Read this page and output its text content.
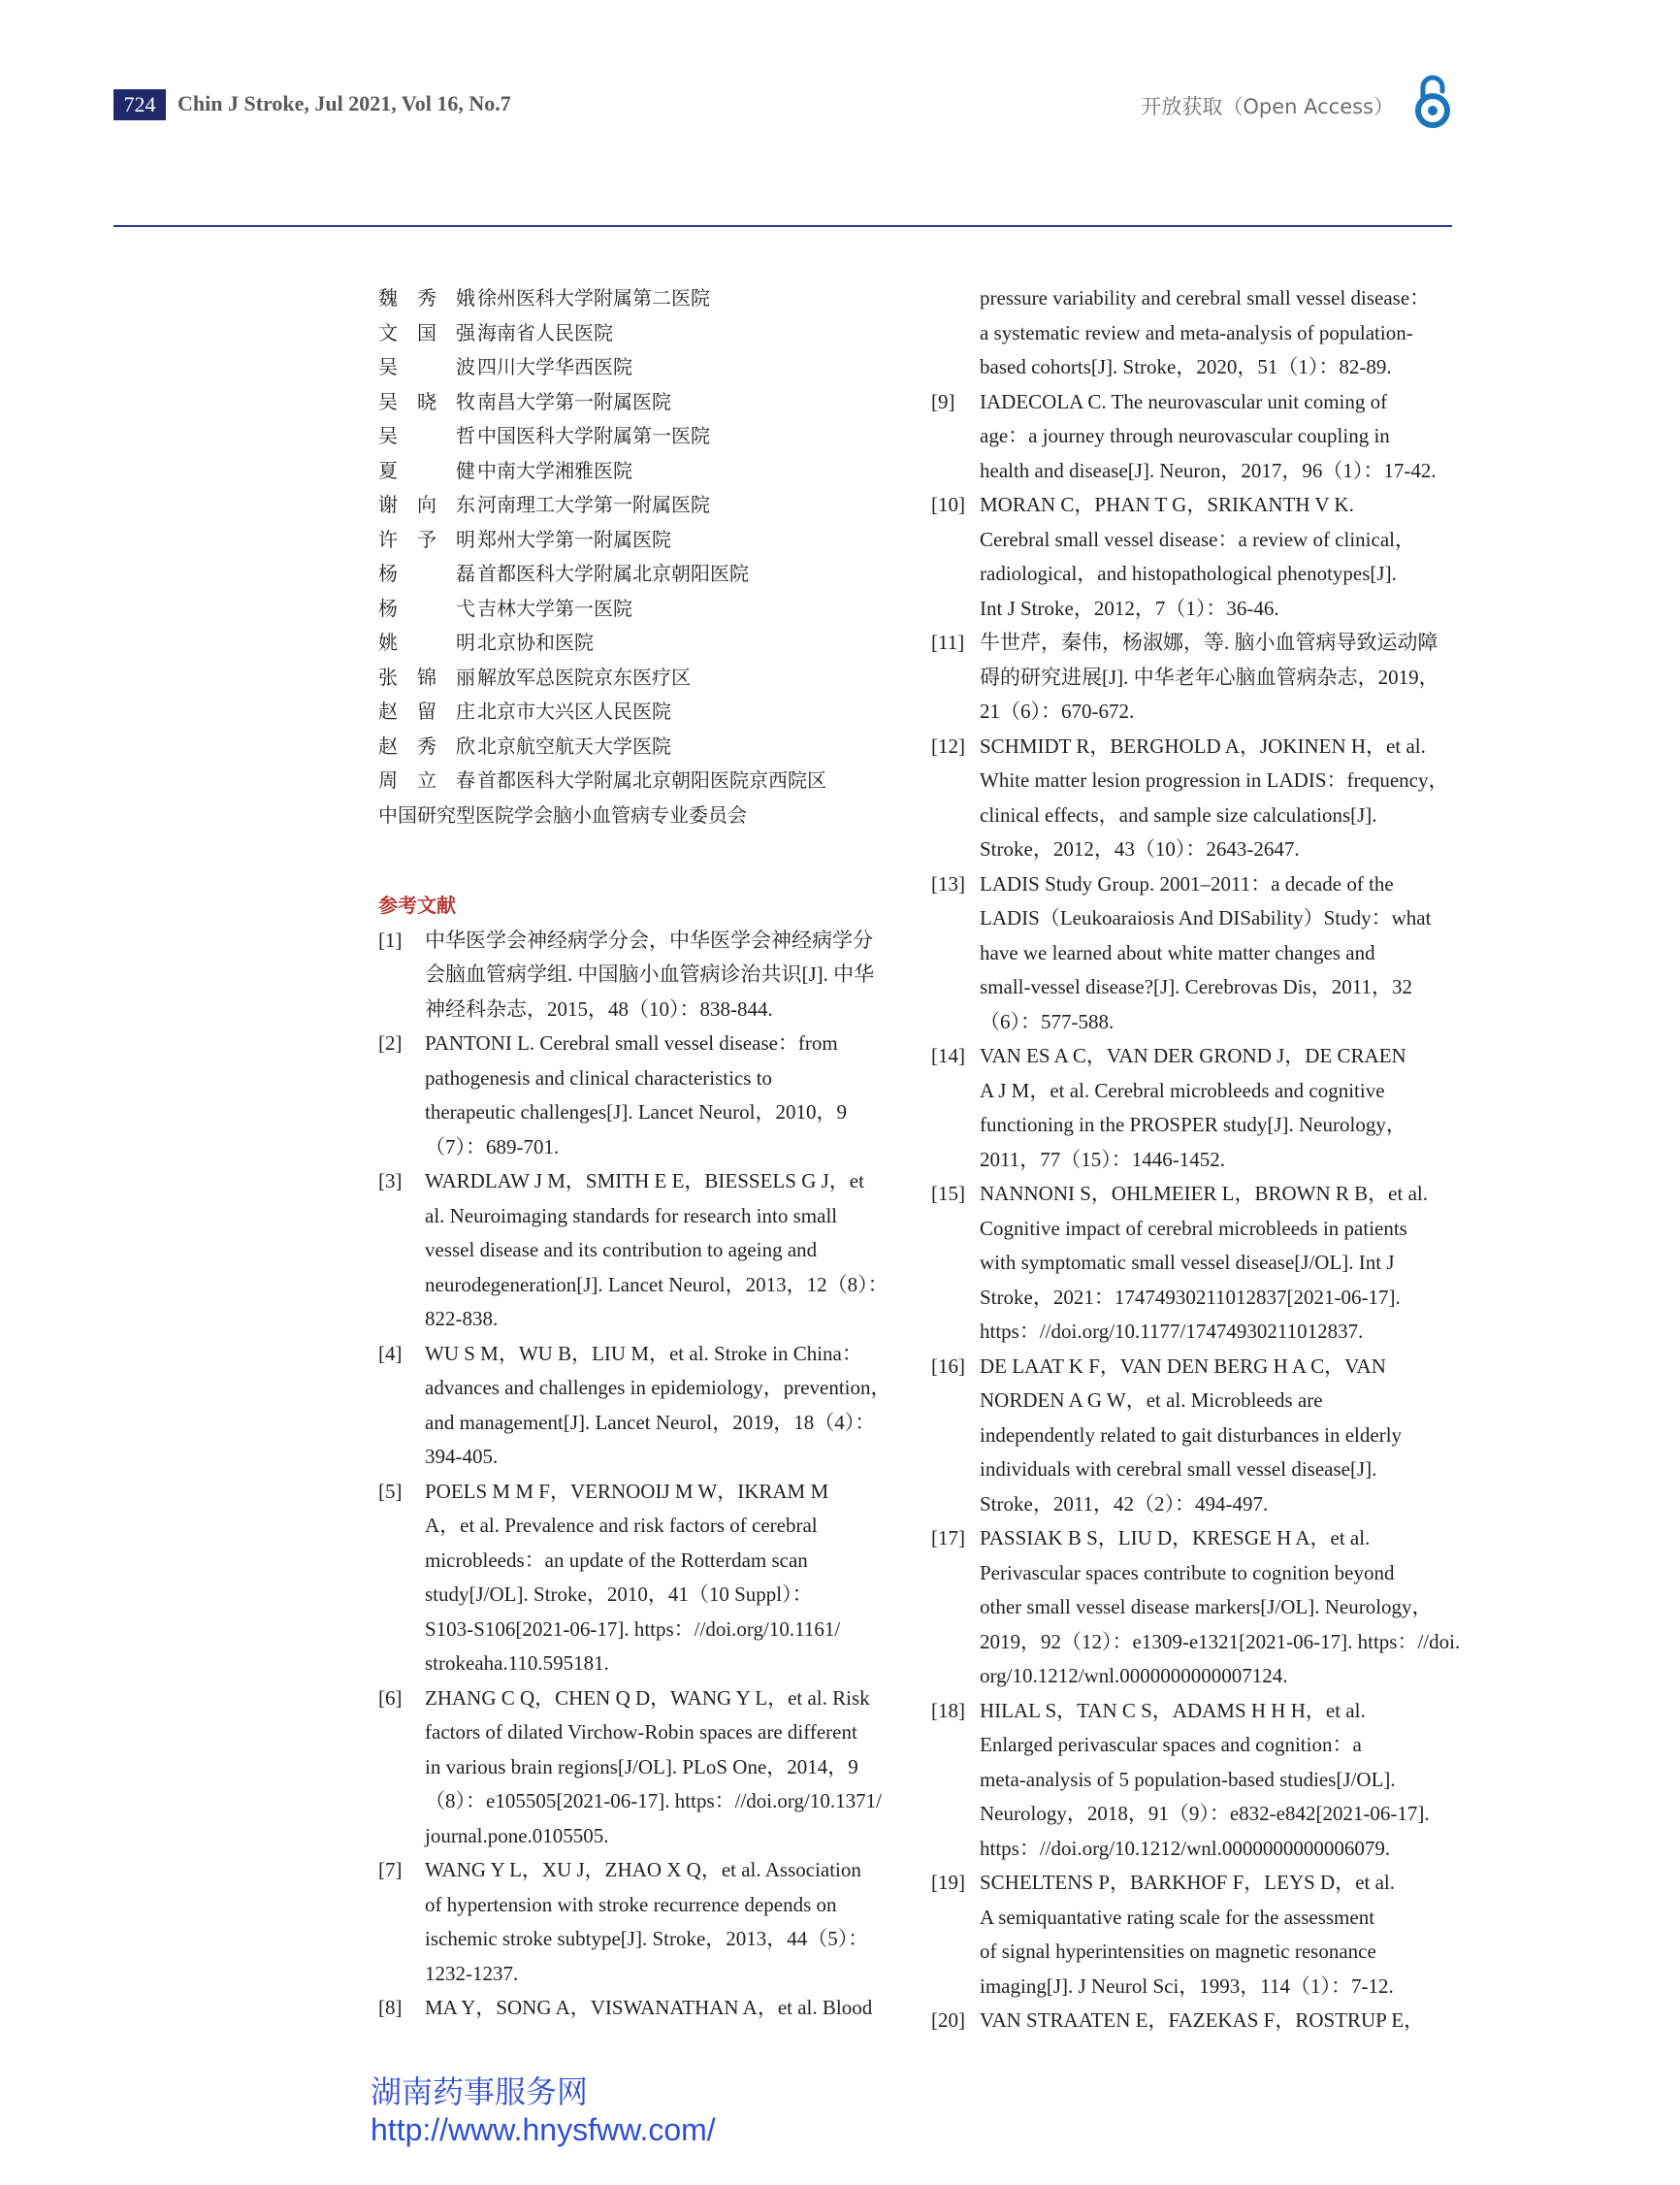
724	Chin J Stroke, Jul 2021, Vol 16, No.7	开放获取（Open Access）
魏秀娥 徐州医科大学附属第二医院
文国强 海南省人民医院
吴　波 四川大学华西医院
吴晓牧 南昌大学第一附属医院
吴　哲 中国医科大学附属第一医院
夏　健 中南大学湘雅医院
谢向东 河南理工大学第一附属医院
许予明 郑州大学第一附属医院
杨　磊 首都医科大学附属北京朝阳医院
杨　弋 吉林大学第一医院
姚　明 北京协和医院
张锦丽 解放军总医院京东医疗区
赵留庄 北京市大兴区人民医院
赵秀欣 北京航空航天大学医院
周立春 首都医科大学附属北京朝阳医院京西院区
中国研究型医院学会脑小血管病专业委员会
参考文献
[1]	中华医学会神经病学分会，中华医学会神经病学分
会脑血管病学组. 中国脑小血管病诊治共识[J]. 中华
神经科杂志，2015，48（10）：838-844.
[2]	PANTONI L. Cerebral small vessel disease：from
pathogenesis and clinical characteristics to
therapeutic challenges[J]. Lancet Neurol，2010，9
（7）：689-701.
[3]	WARDLAW J M，SMITH E E，BIESSELS G J，et
al. Neuroimaging standards for research into small
vessel disease and its contribution to ageing and
neurodegeneration[J]. Lancet Neurol，2013，12（8）：
822-838.
[4]	WU S M，WU B，LIU M，et al. Stroke in China：
advances and challenges in epidemiology，prevention，
and management[J]. Lancet Neurol，2019，18（4）：
394-405.
[5]	POELS M M F，VERNOOIJ M W，IKRAM M
A，et al. Prevalence and risk factors of cerebral
microbleeds：an update of the Rotterdam scan
study[J/OL]. Stroke，2010，41（10 Suppl）：
S103-S106[2021-06-17]. https：//doi.org/10.1161/
strokeaha.110.595181.
[6]	ZHANG C Q，CHEN Q D，WANG Y L，et al. Risk
factors of dilated Virchow-Robin spaces are different
in various brain regions[J/OL]. PLoS One，2014，9
（8）：e105505[2021-06-17]. https：//doi.org/10.1371/
journal.pone.0105505.
[7]	WANG Y L，XU J，ZHAO X Q，et al. Association
of hypertension with stroke recurrence depends on
ischemic stroke subtype[J]. Stroke，2013，44（5）：
1232-1237.
[8]	MA Y，SONG A，VISWANATHAN A，et al. Blood
pressure variability and cerebral small vessel disease：a systematic review and meta-analysis of population-based cohorts[J]. Stroke，2020，51（1）：82-89.
[9]	IADECOLA C. The neurovascular unit coming of
age：a journey through neurovascular coupling in
health and disease[J]. Neuron，2017，96（1）：17-42.
[10] MORAN C，PHAN T G，SRIKANTH V K.
Cerebral small vessel disease：a review of clinical，
radiological，and histopathological phenotypes[J].
Int J Stroke，2012，7（1）：36-46.
[11] 牛世芹，秦伟，杨淑娜，等. 脑小血管病导致运动障
碍的研究进展[J]. 中华老年心脑血管病杂志，2019，
21（6）：670-672.
[12] SCHMIDT R，BERGHOLD A，JOKINEN H，et al.
White matter lesion progression in LADIS：frequency，
clinical effects，and sample size calculations[J].
Stroke，2012，43（10）：2643-2647.
[13] LADIS Study Group. 2001–2011：a decade of the
LADIS（Leukoaraiosis And DISability）Study：what
have we learned about white matter changes and
small-vessel disease?[J]. Cerebrovas Dis，2011，32
（6）：577-588.
[14] VAN ES A C，VAN DER GROND J，DE CRAEN
A J M，et al. Cerebral microbleeds and cognitive
functioning in the PROSPER study[J]. Neurology，
2011，77（15）：1446-1452.
[15] NANNONI S，OHLMEIER L，BROWN R B，et al.
Cognitive impact of cerebral microbleeds in patients
with symptomatic small vessel disease[J/OL]. Int J
Stroke，2021：17474930211012837[2021-06-17].
https：//doi.org/10.1177/17474930211012837.
[16] DE LAAT K F，VAN DEN BERG H A C，VAN
NORDEN A G W，et al. Microbleeds are
independently related to gait disturbances in elderly
individuals with cerebral small vessel disease[J].
Stroke，2011，42（2）：494-497.
[17] PASSIAK B S，LIU D，KRESGE H A，et al.
Perivascular spaces contribute to cognition beyond
other small vessel disease markers[J/OL]. Neurology，
2019，92（12）：e1309-e1321[2021-06-17]. https：//doi.
org/10.1212/wnl.0000000000007124.
[18] HILAL S，TAN C S，ADAMS H H H，et al.
Enlarged perivascular spaces and cognition：a
meta-analysis of 5 population-based studies[J/OL].
Neurology，2018，91（9）：e832-e842[2021-06-17].
https：//doi.org/10.1212/wnl.0000000000006079.
[19] SCHELTENS P，BARKHOF F，LEYS D，et al.
A semiquantative rating scale for the assessment
of signal hyperintensities on magnetic resonance
imaging[J]. J Neurol Sci，1993，114（1）：7-12.
[20] VAN STRAATEN E，FAZEKAS F，ROSTRUP E，
湖南药事服务网
http://www.hnysfww.com/
